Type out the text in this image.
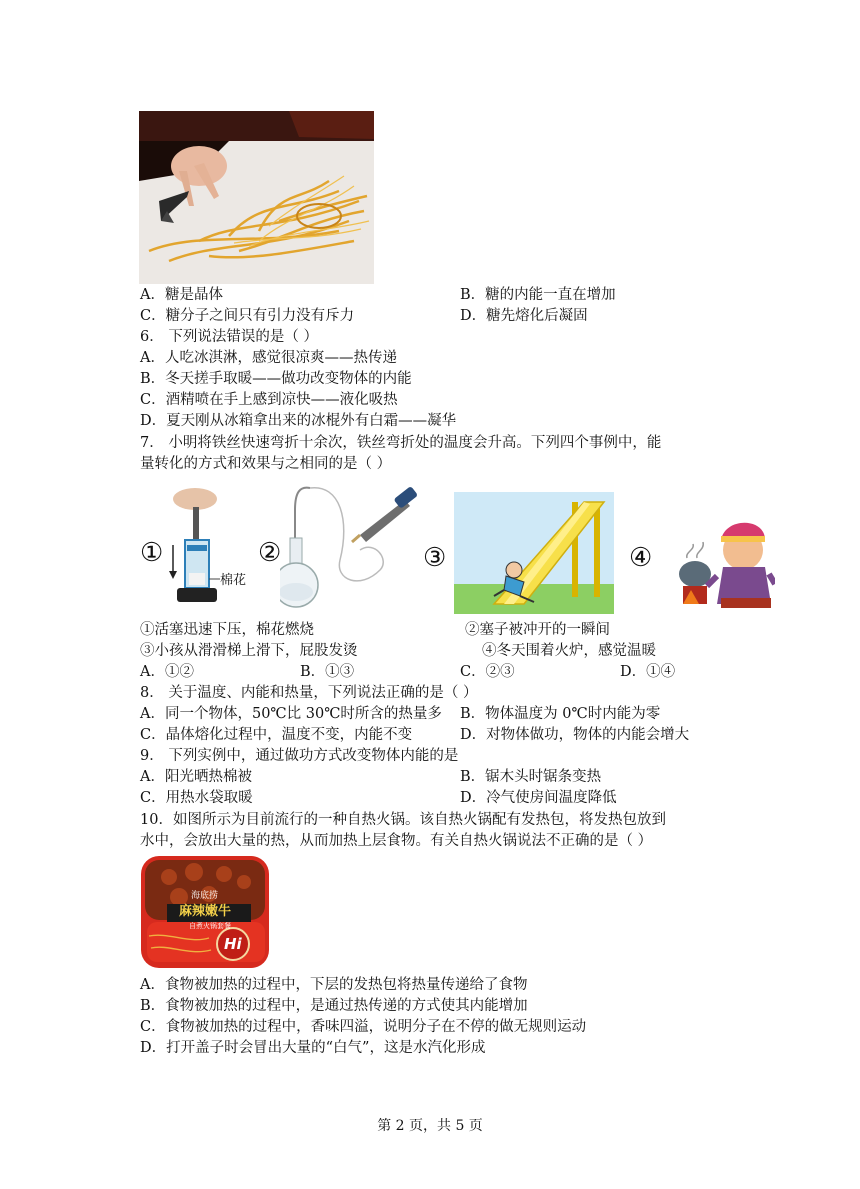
A．糖是晶体	B．糖的内能一直在增加
C．糖分子之间只有引力没有斥力	D．糖先熔化后凝固
6． 下列说法错误的是（ ）
A．人吃冰淇淋，感觉很凉爽——热传递
B．冬天搓手取暖——做功改变物体的内能
C．酒精喷在手上感到凉快——液化吸热
D．夏天刚从冰箱拿出来的冰棍外有白霜——凝华
7． 小明将铁丝快速弯折十余次，铁丝弯折处的温度会升高。下列四个事例中，能
量转化的方式和效果与之相同的是（ ）
①
棉花
②	③	④
①活塞迅速下压，棉花燃烧	②塞子被冲开的一瞬间
③小孩从滑滑梯上滑下，屁股发烫	④冬天围着火炉，感觉温暖
A．①②	B．①③	C．②③	D．①④
8． 关于温度、内能和热量，下列说法正确的是（ ）
A．同一个物体，50℃比 30℃时所含的热量多 B．物体温度为 0℃时内能为零
C．晶体熔化过程中，温度不变，内能不变	D．对物体做功，物体的内能会增大
9． 下列实例中，通过做功方式改变物体内能的是
A．阳光晒热棉被	B．锯木头时锯条变热
C．用热水袋取暖	D．冷气使房间温度降低
10．如图所示为目前流行的一种自热火锅。该自热火锅配有发热包，将发热包放到
水中，会放出大量的热，从而加热上层食物。有关自热火锅说法不正确的是（ ）
海底捞
麻辣嫩牛
自煮火锅套餐
Hi
A．食物被加热的过程中，下层的发热包将热量传递给了食物
B．食物被加热的过程中，是通过热传递的方式使其内能增加
C．食物被加热的过程中，香味四溢，说明分子在不停的做无规则运动
D．打开盖子时会冒出大量的“白气”，这是水汽化形成
第 2 页，共 5 页
